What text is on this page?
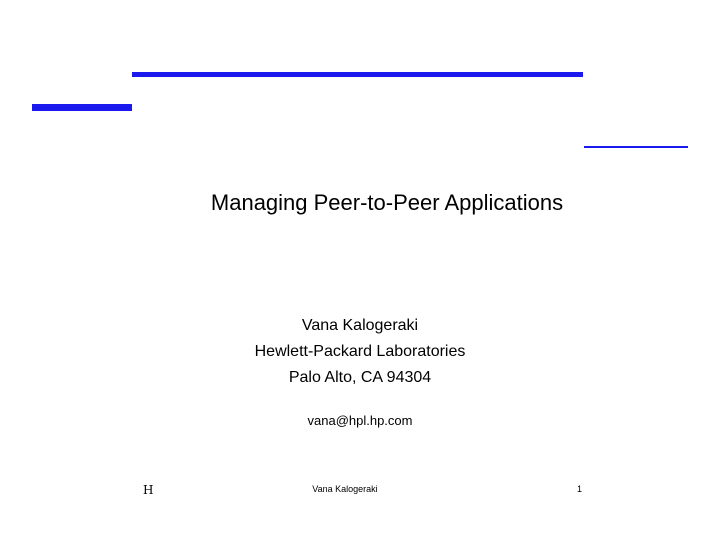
Managing Peer-to-Peer Applications
Vana Kalogeraki
Hewlett-Packard Laboratories
Palo Alto, CA 94304
vana@hpl.hp.com
H	Vana Kalogeraki	1
